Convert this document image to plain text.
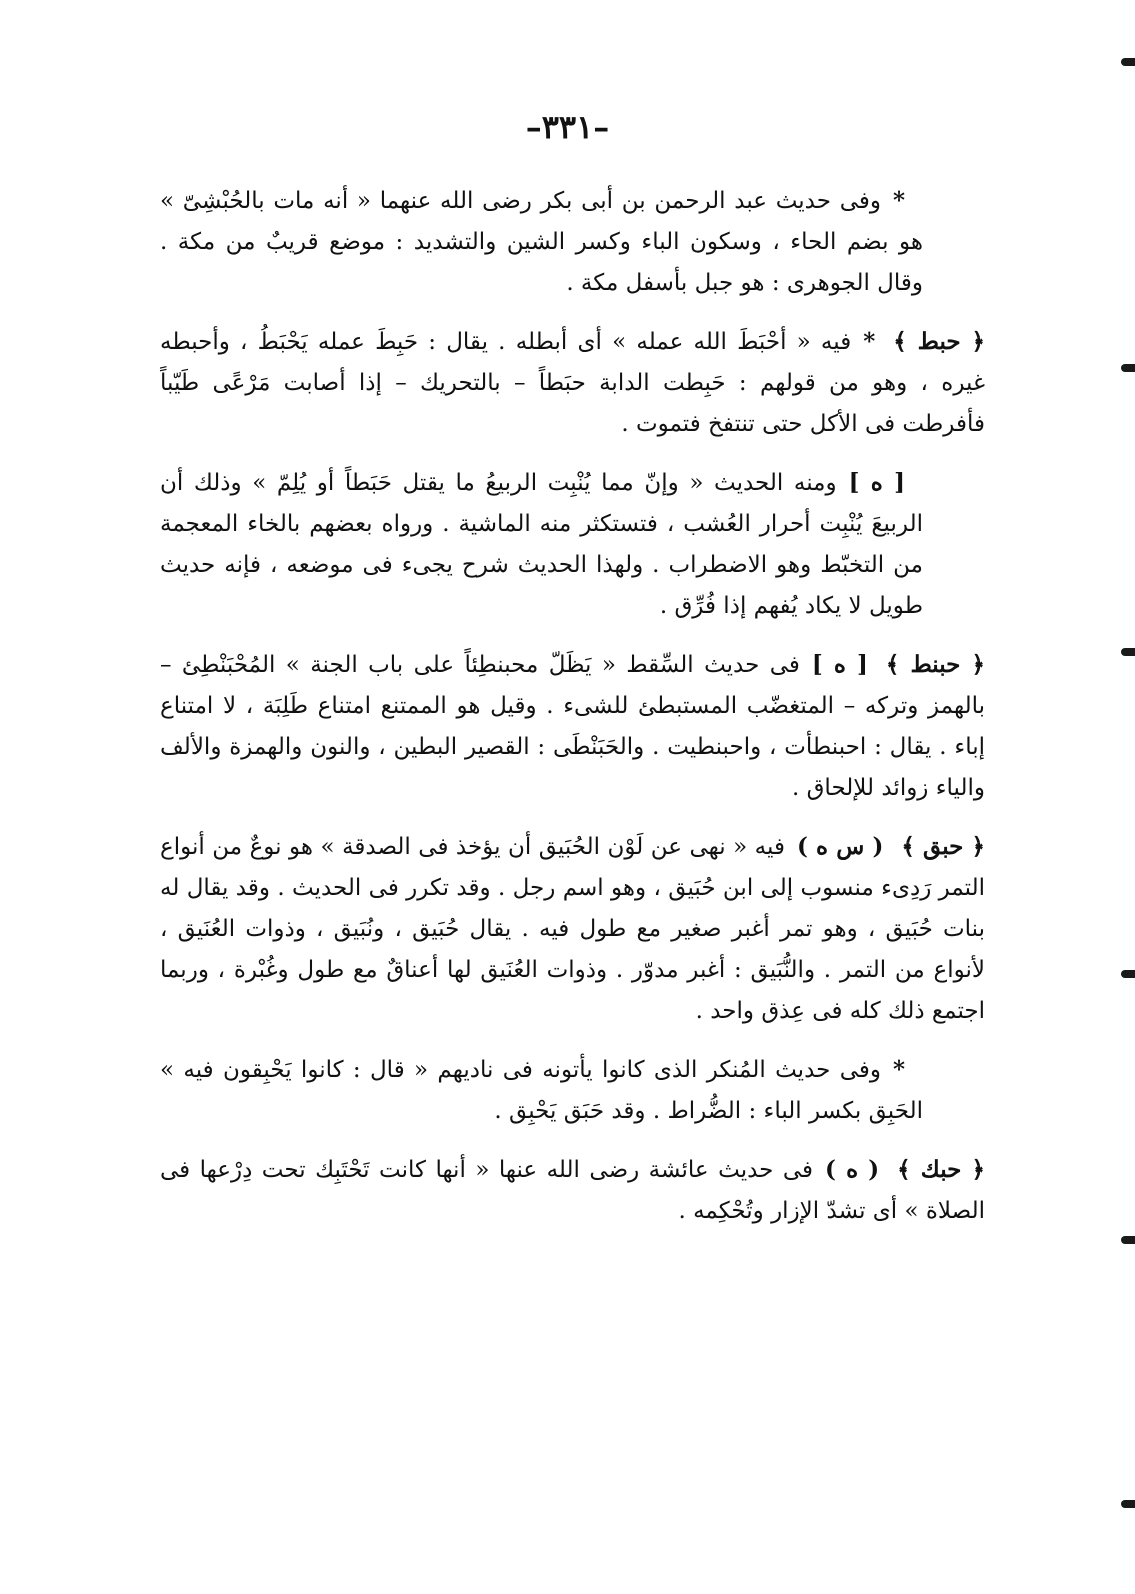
–٣٣١–

*وفى حديث عبد الرحمن بن أبى بكر رضى الله عنهما « أنه مات بالحُبْشِىّ » هو بضم الحاء ، وسكون الباء وكسر الشين والتشديد : موضع قريبٌ من مكة . وقال الجوهرى : هو جبل بأسفل مكة .

﴿ حبط ﴾*فيه « أحْبَطَ الله عمله » أى أبطله . يقال : حَبِطَ عمله يَحْبَطُ ، وأحبطه غيره ، وهو من قولهم : حَبِطت الدابة حبَطاً – بالتحريك – إذا أصابت مَرْعًى طَيّباً فأفرطت فى الأكل حتى تنتفخ فتموت .

[ ه ]ومنه الحديث « وإنّ مما يُنْبِت الربيعُ ما يقتل حَبَطاً أو يُلِمّ » وذلك أن الربيعَ يُنْبِت أحرار العُشب ، فتستكثر منه الماشية . ورواه بعضهم بالخاء المعجمة من التخبّط وهو الاضطراب . ولهذا الحديث شرح يجىء فى موضعه ، فإنه حديث طويل لا يكاد يُفهم إذا فُرِّق .

﴿ حبنط ﴾[ ه ]فى حديث السِّقط « يَظَلّ محبنطِئاً على باب الجنة » المُحْبَنْطِئ – بالهمز وتركه – المتغضّب المستبطئ للشىء . وقيل هو الممتنع امتناع طَلِبَة ، لا امتناع إباء . يقال : احبنطأت ، واحبنطيت . والحَبَنْطَى : القصير البطين ، والنون والهمزة والألف والياء زوائد للإلحاق .

﴿ حبق ﴾( س ه )فيه « نهى عن لَوْن الحُبَيق أن يؤخذ فى الصدقة » هو نوعٌ من أنواع التمر رَدِىء منسوب إلى ابن حُبَيق ، وهو اسم رجل . وقد تكرر فى الحديث . وقد يقال له بنات حُبَيق ، وهو تمر أغبر صغير مع طول فيه . يقال حُبَيق ، ونُبَيق ، وذوات العُنَيق ، لأنواع من التمر . والنُّبَيق : أغبر مدوّر . وذوات العُنَيق لها أعناقٌ مع طول وغُبْرة ، وربما اجتمع ذلك كله فى عِذق واحد .

*وفى حديث المُنكر الذى كانوا يأتونه فى ناديهم « قال : كانوا يَحْبِقون فيه » الحَبِق بكسر الباء : الضُّراط . وقد حَبَق يَحْبِق .

﴿ حبك ﴾( ه )فى حديث عائشة رضى الله عنها « أنها كانت تَحْتَبِك تحت دِرْعها فى الصلاة » أى تشدّ الإزار وتُحْكِمه .
